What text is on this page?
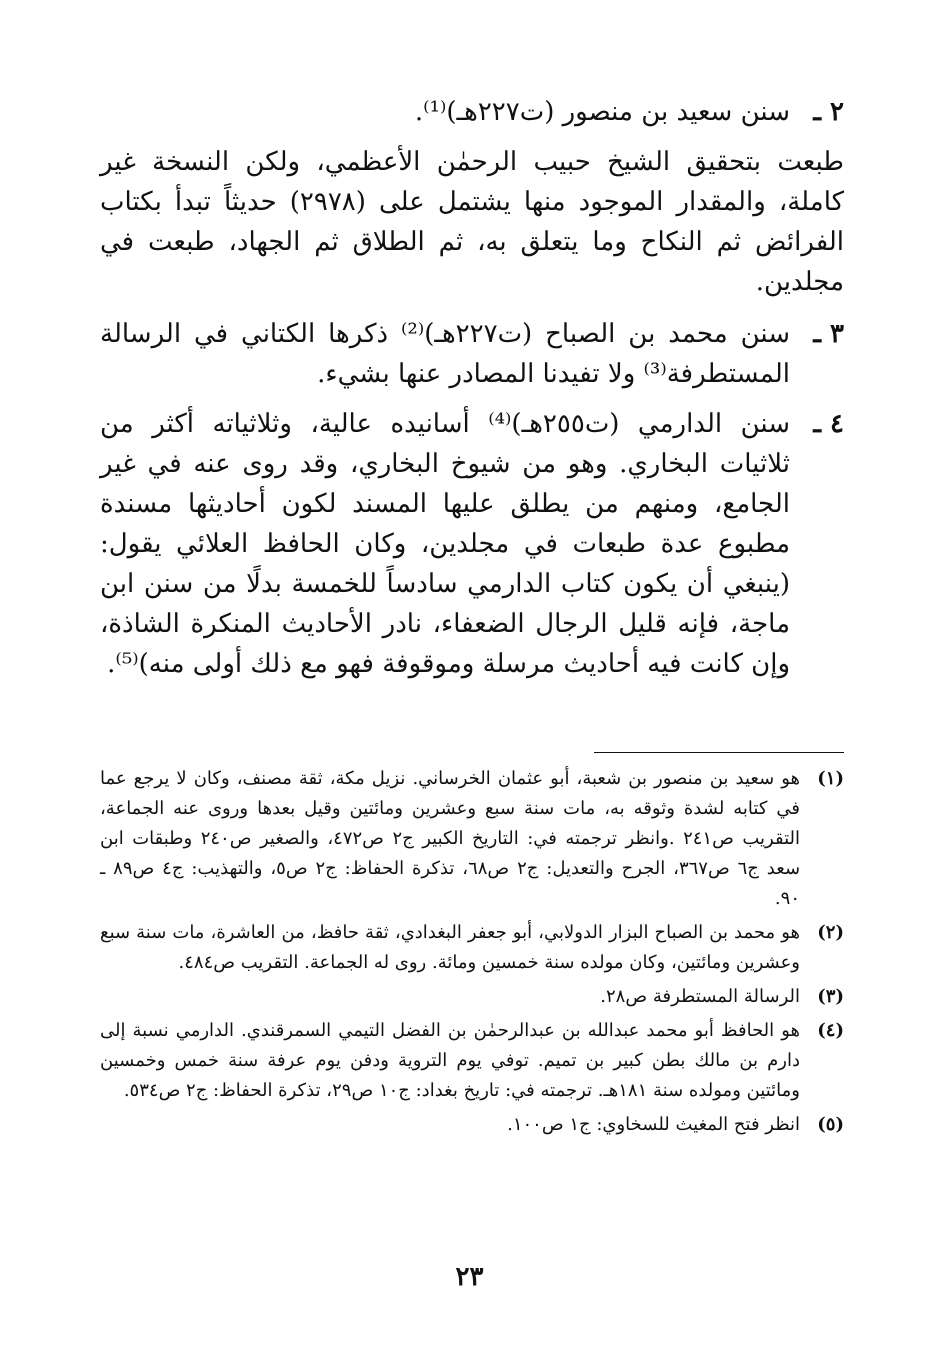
٢ ـ
سنن سعيد بن منصور (ت٢٢٧هـ)⁽¹⁾.
طبعت بتحقيق الشيخ حبيب الرحمٰن الأعظمي، ولكن النسخة غير كاملة، والمقدار الموجود منها يشتمل على (٢٩٧٨) حديثاً تبدأ بكتاب الفرائض ثم النكاح وما يتعلق به، ثم الطلاق ثم الجهاد، طبعت في مجلدين.
٣ ـ
سنن محمد بن الصباح (ت٢٢٧هـ)⁽²⁾ ذكرها الكتاني في الرسالة المستطرفة⁽³⁾ ولا تفيدنا المصادر عنها بشيء.
٤ ـ
سنن الدارمي (ت٢٥٥هـ)⁽⁴⁾ أسانيده عالية، وثلاثياته أكثر من ثلاثيات البخاري. وهو من شيوخ البخاري، وقد روى عنه في غير الجامع، ومنهم من يطلق عليها المسند لكون أحاديثها مسندة مطبوع عدة طبعات في مجلدين، وكان الحافظ العلائي يقول: (ينبغي أن يكون كتاب الدارمي سادساً للخمسة بدلًا من سنن ابن ماجة، فإنه قليل الرجال الضعفاء، نادر الأحاديث المنكرة الشاذة، وإن كانت فيه أحاديث مرسلة وموقوفة فهو مع ذلك أولى منه)⁽⁵⁾.
(١)
هو سعيد بن منصور بن شعبة، أبو عثمان الخرساني. نزيل مكة، ثقة مصنف، وكان لا يرجع عما في كتابه لشدة وثوقه به، مات سنة سبع وعشرين ومائتين وقيل بعدها وروى عنه الجماعة، التقريب ص٢٤١ .وانظر ترجمته في: التاريخ الكبير ج٢ ص٤٧٢، والصغير ص٢٤٠ وطبقات ابن سعد ج٦ ص٣٦٧، الجرح والتعديل: ج٢ ص٦٨، تذكرة الحفاظ: ج٢ ص٥، والتهذيب: ج٤ ص٨٩ ـ ٩٠.
(٢)
هو محمد بن الصباح البزار الدولابي، أبو جعفر البغدادي، ثقة حافظ، من العاشرة، مات سنة سبع وعشرين ومائتين، وكان مولده سنة خمسين ومائة. روى له الجماعة. التقريب ص٤٨٤.
(٣)
الرسالة المستطرفة ص٢٨.
(٤)
هو الحافظ أبو محمد عبدالله بن عبدالرحمٰن بن الفضل التيمي السمرقندي. الدارمي نسبة إلى دارم بن مالك بطن كبير بن تميم. توفي يوم التروية ودفن يوم عرفة سنة خمس وخمسين ومائتين ومولده سنة ١٨١هـ. ترجمته في: تاريخ بغداد: ج١٠ ص٢٩، تذكرة الحفاظ: ج٢ ص٥٣٤.
(٥)
انظر فتح المغيث للسخاوي: ج١ ص١٠٠.
٢٣
